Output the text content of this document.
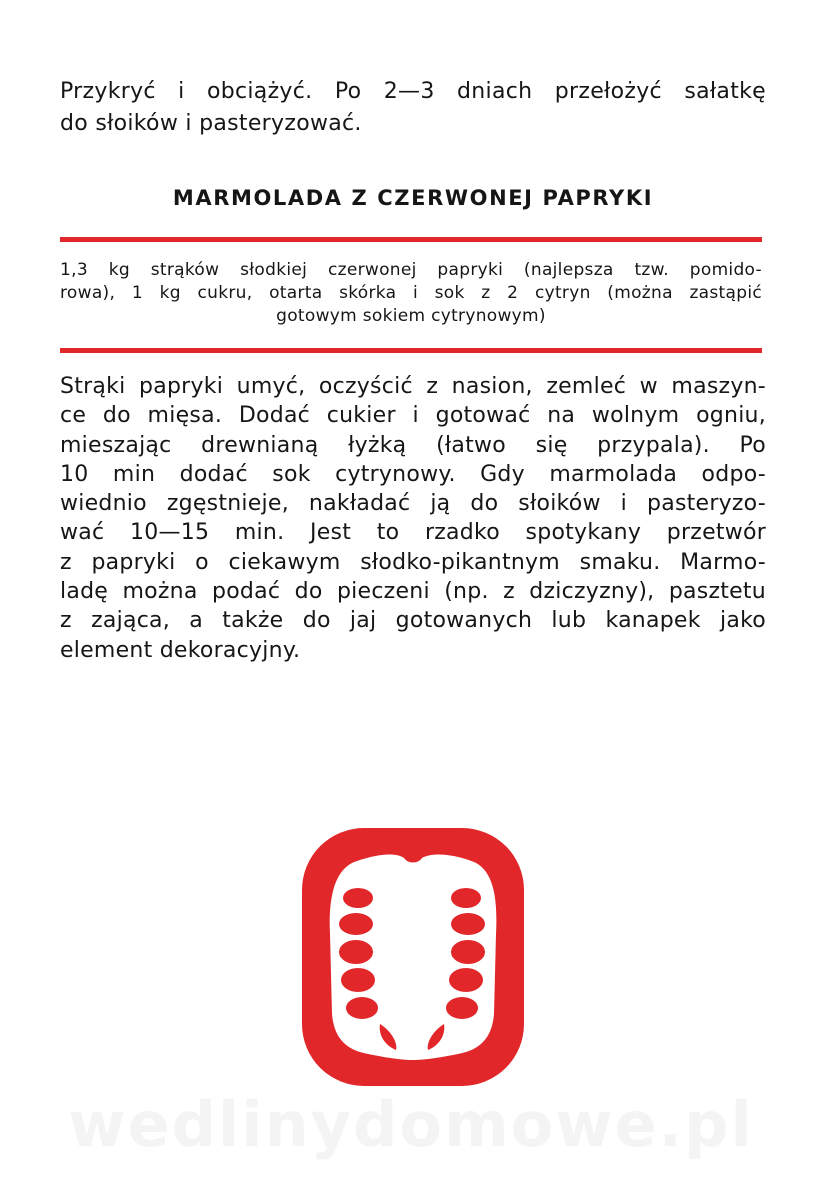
Przykryć i obciążyć. Po 2—3 dniach przełożyć sałatkę
do słoików i pasteryzować.

MARMOLADA Z CZERWONEJ PAPRYKI

1,3 kg strąków słodkiej czerwonej papryki (najlepsza tzw. pomido-
rowa), 1 kg cukru, otarta skórka i sok z 2 cytryn (można zastąpić
gotowym sokiem cytrynowym)

Strąki papryki umyć, oczyścić z nasion, zemleć w maszyn-
ce do mięsa. Dodać cukier i gotować na wolnym ogniu,
mieszając drewnianą łyżką (łatwo się przypala). Po
10 min dodać sok cytrynowy. Gdy marmolada odpo-
wiednio zgęstnieje, nakładać ją do słoików i pasteryzo-
wać 10—15 min. Jest to rzadko spotykany przetwór
z papryki o ciekawym słodko-pikantnym smaku. Marmo-
ladę można podać do pieczeni (np. z dziczyzny), pasztetu
z zająca, a także do jaj gotowanych lub kanapek jako
element dekoracyjny.

wedlinydomowe.pl
